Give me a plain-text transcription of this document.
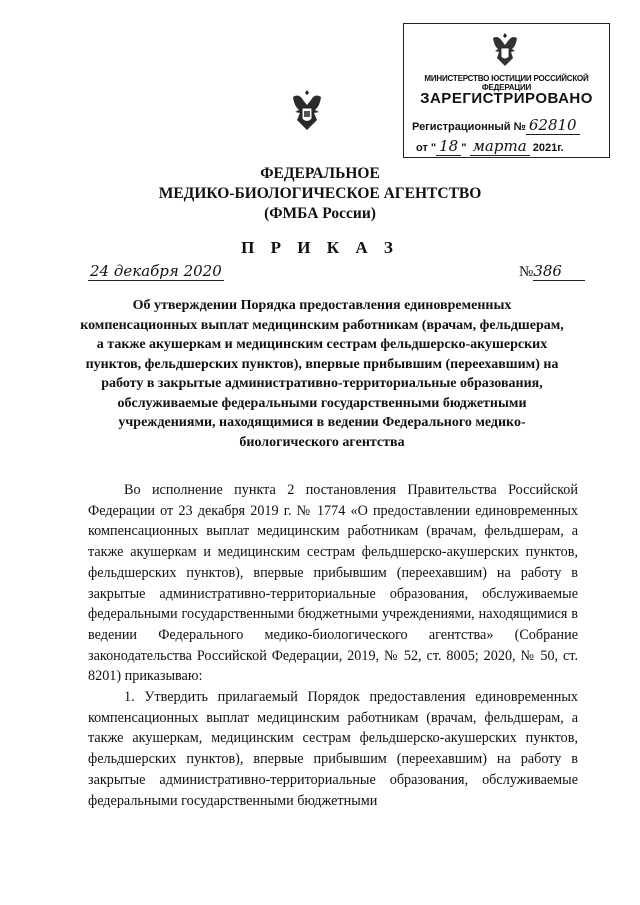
МИНИСТЕРСТВО ЮСТИЦИИ РОССИЙСКОЙ ФЕДЕРАЦИИ
ЗАРЕГИСТРИРОВАНО
Регистрационный № 62810
от " 18 " марта 2021г.
ФЕДЕРАЛЬНОЕ
МЕДИКО-БИОЛОГИЧЕСКОЕ АГЕНТСТВО
(ФМБА России)
П Р И К А З
24 декабря 2020	№386
Об утверждении Порядка предоставления единовременных компенсационных выплат медицинским работникам (врачам, фельдшерам, а также акушеркам и медицинским сестрам фельдшерско-акушерских пунктов, фельдшерских пунктов), впервые прибывшим (переехавшим) на работу в закрытые административно-территориальные образования, обслуживаемые федеральными государственными бюджетными учреждениями, находящимися в ведении Федерального медико-биологического агентства

Во исполнение пункта 2 постановления Правительства Российской Федерации от 23 декабря 2019 г. № 1774 «О предоставлении единовременных компенсационных выплат медицинским работникам (врачам, фельдшерам, а также акушеркам и медицинским сестрам фельдшерско-акушерских пунктов, фельдшерских пунктов), впервые прибывшим (переехавшим) на работу в закрытые административно-территориальные образования, обслуживаемые федеральными государственными бюджетными учреждениями, находящимися в ведении Федерального медико-биологического агентства» (Собрание законодательства Российской Федерации, 2019, № 52, ст. 8005; 2020, № 50, ст. 8201) приказываю:

1. Утвердить прилагаемый Порядок предоставления единовременных компенсационных выплат медицинским работникам (врачам, фельдшерам, а также акушеркам, медицинским сестрам фельдшерско-акушерских пунктов, фельдшерских пунктов), впервые прибывшим (переехавшим) на работу в закрытые административно-территориальные образования, обслуживаемые федеральными государственными бюджетными
